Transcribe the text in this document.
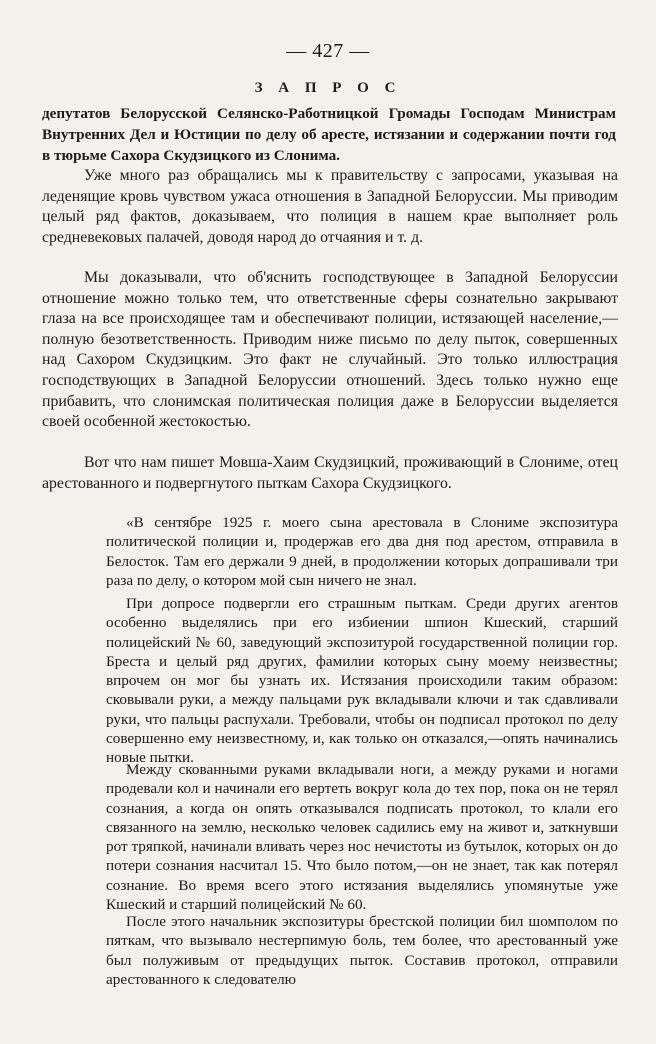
— 427 —
З А П Р О С
депутатов Белорусской Селянско-Работницкой Громады Господам Министрам Внутренних Дел и Юстиции по делу об аресте, истязании и содержании почти год в тюрьме Сахора Скудзицкого из Слонима.

Уже много раз обращались мы к правительству с запросами, указывая на леденящие кровь чувством ужаса отношения в Западной Белоруссии. Мы приводим целый ряд фактов, доказываем, что полиция в нашем крае выполняет роль средневековых палачей, доводя народ до отчаяния и т. д.

Мы доказывали, что об'яснить господствующее в Западной Белоруссии отношение можно только тем, что ответственные сферы сознательно закрывают глаза на все происходящее там и обеспечивают полиции, истязающей население,—полную безответственность. Приводим ниже письмо по делу пыток, совершенных над Сахором Скудзицким. Это факт не случайный. Это только иллюстрация господствующих в Западной Белоруссии отношений. Здесь только нужно еще прибавить, что слонимская политическая полиция даже в Белоруссии выделяется своей особенной жестокостью.

Вот что нам пишет Мовша-Хаим Скудзицкий, проживающий в Слониме, отец арестованного и подвергнутого пыткам Сахора Скудзицкого.

«В сентябре 1925 г. моего сына арестовала в Слониме экспозитура политической полиции и, продержав его два дня под арестом, отправила в Белосток. Там его держали 9 дней, в продолжении которых допрашивали три раза по делу, о котором мой сын ничего не знал.

При допросе подвергли его страшным пыткам. Среди других агентов особенно выделялись при его избиении шпион Кшеский, старший полицейский № 60, заведующий экспозитурой государственной полиции гор. Бреста и целый ряд других, фамилии которых сыну моему неизвестны; впрочем он мог бы узнать их. Истязания происходили таким образом: сковывали руки, а между пальцами рук вкладывали ключи и так сдавливали руки, что пальцы распухали. Требовали, чтобы он подписал протокол по делу совершенно ему неизвестному, и, как только он отказался,—опять начинались новые пытки.

Между скованными руками вкладывали ноги, а между руками и ногами продевали кол и начинали его вертеть вокруг кола до тех пор, пока он не терял сознания, а когда он опять отказывался подписать протокол, то клали его связанного на землю, несколько человек садились ему на живот и, заткнувши рот тряпкой, начинали вливать через нос нечистоты из бутылок, которых он до потери сознания насчитал 15. Что было потом,—он не знает, так как потерял сознание. Во время всего этого истязания выделялись упомянутые уже Кшеский и старший полицейский № 60.

После этого начальник экспозитуры брестской полиции бил шомполом по пяткам, что вызывало нестерпимую боль, тем более, что арестованный уже был полуживым от предыдущих пыток. Составив протокол, отправили арестованного к следователю
